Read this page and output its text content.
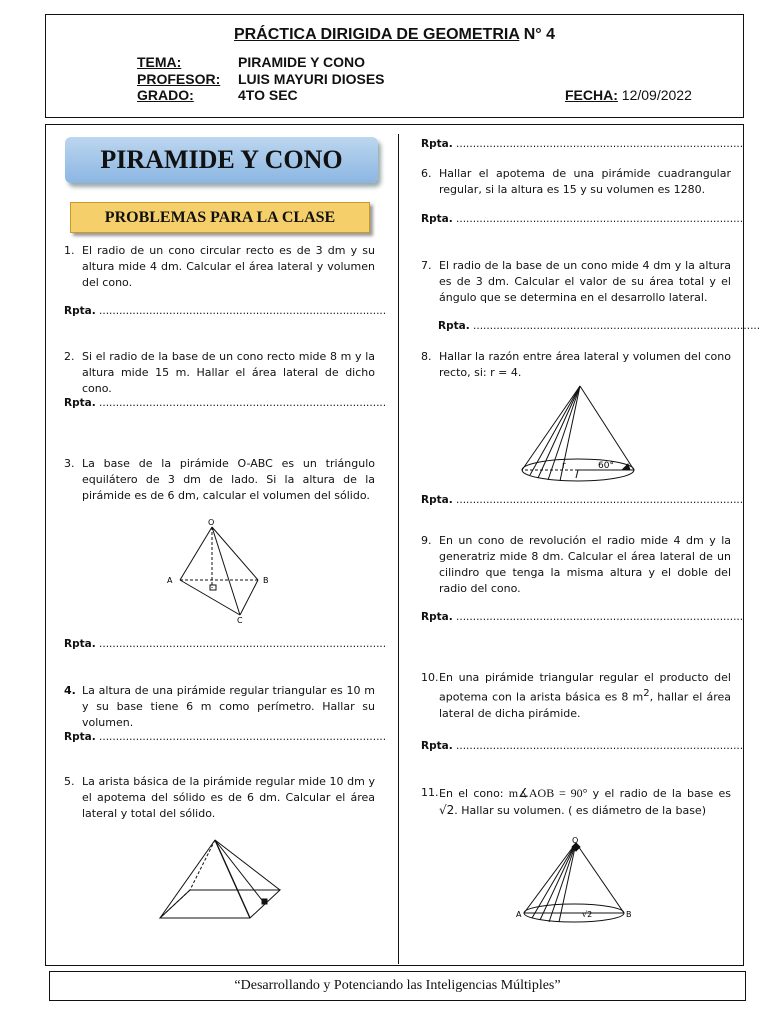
PRÁCTICA DIRIGIDA DE GEOMETRIA N° 4
TEMA:	PIRAMIDE Y CONO
PROFESOR: LUIS MAYURI DIOSES
GRADO:	4TO SEC	FECHA: 12/09/2022
PIRAMIDE Y CONO
PROBLEMAS PARA LA CLASE
1. El radio de un cono circular recto es de 3 dm y su altura mide 4 dm. Calcular el área lateral y volumen del cono.
Rpta. ......................................................................................
2. Si el radio de la base de un cono recto mide 8 m y la altura mide 15 m. Hallar el área lateral de dicho cono.
Rpta. ......................................................................................
3. La base de la pirámide O-ABC es un triángulo equilátero de 3 dm de lado. Si la altura de la pirámide es de 6 dm, calcular el volumen del sólido.
O
A	B
C
Rpta. ......................................................................................
4. La altura de una pirámide regular triangular es 10 m y su base tiene 6 m como perímetro. Hallar su volumen.
Rpta. ......................................................................................
5. La arista básica de la pirámide regular mide 10 dm y el apotema del sólido es de 6 dm. Calcular el área lateral y total del sólido.
Rpta. ......................................................................................
6. Hallar el apotema de una pirámide cuadrangular regular, si la altura es 15 y su volumen es 1280.
Rpta. ......................................................................................
7. El radio de la base de un cono mide 4 dm y la altura es de 3 dm. Calcular el valor de su área total y el ángulo que se determina en el desarrollo lateral.
Rpta. ......................................................................................
8. Hallar la razón entre área lateral y volumen del cono recto, si: r = 4.
r	60°
Rpta. ......................................................................................
9. En un cono de revolución el radio mide 4 dm y la generatriz mide 8 dm. Calcular el área lateral de un cilindro que tenga la misma altura y el doble del radio del cono.
Rpta. ......................................................................................
10. En una pirámide triangular regular el producto del apotema con la arista básica es 8 $m^2$, hallar el área lateral de dicha pirámide.
Rpta. ......................................................................................
11. En el cono: m∡AOB = 90° y el radio de la base es √2. Hallar su volumen. ( es diámetro de la base)
O
A	B
√2
“Desarrollando y Potenciando las Inteligencias Múltiples”
